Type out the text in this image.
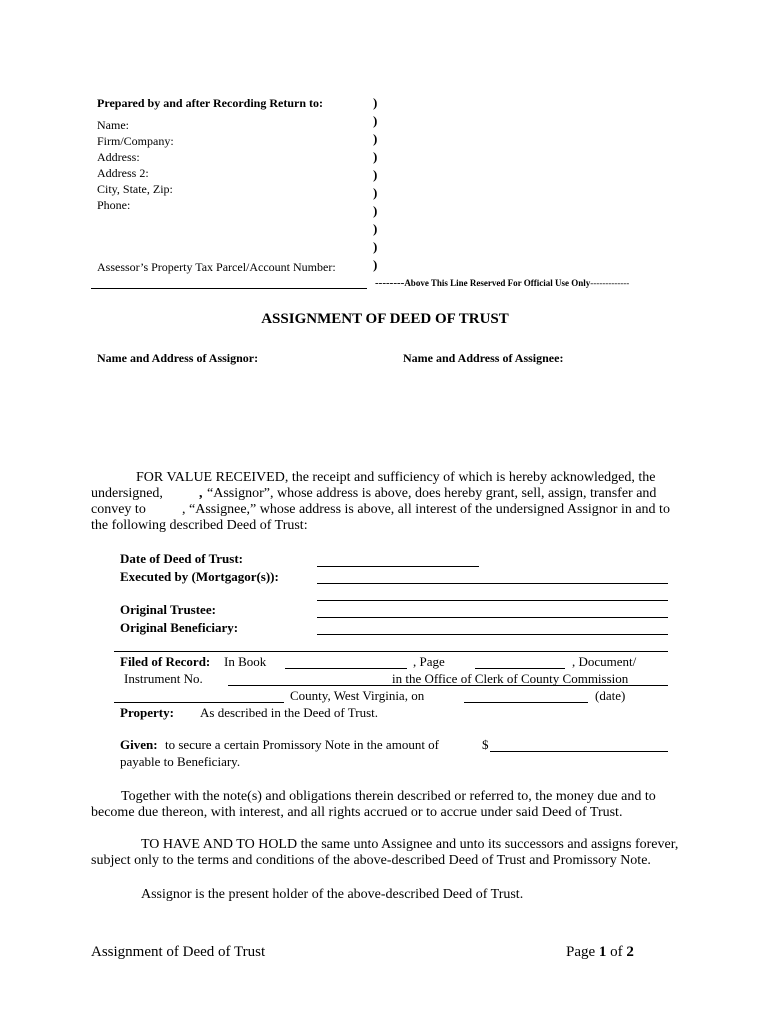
Prepared by and after Recording Return to:
Name:
Firm/Company:
Address:
Address 2:
City, State, Zip:
Phone:
Assessor’s Property Tax Parcel/Account Number:
)
)
)
)
)
)
)
)
)
)
--------Above This Line Reserved For Official Use Only-------------
ASSIGNMENT OF DEED OF TRUST
Name and Address of Assignor:	Name and Address of Assignee:
FOR VALUE RECEIVED, the receipt and sufficiency of which is hereby acknowledged, the
undersigned,	, “Assignor”, whose address is above, does hereby grant, sell, assign, transfer and
convey to	, “Assignee,” whose address is above, all interest of the undersigned Assignor in and to
the following described Deed of Trust:
Date of Deed of Trust:
Executed by (Mortgagor(s)):
Original Trustee:
Original Beneficiary:
Filed of Record: In Book	, Page	, Document/
Instrument No.	in the Office of Clerk of County Commission
County, West Virginia, on	(date)
Property: As described in the Deed of Trust.
Given: to secure a certain Promissory Note in the amount of	$
payable to Beneficiary.
Together with the note(s) and obligations therein described or referred to, the money due and to
become due thereon, with interest, and all rights accrued or to accrue under said Deed of Trust.
TO HAVE AND TO HOLD the same unto Assignee and unto its successors and assigns forever,
subject only to the terms and conditions of the above-described Deed of Trust and Promissory Note.
Assignor is the present holder of the above-described Deed of Trust.
Assignment of Deed of Trust	Page 1 of 2
